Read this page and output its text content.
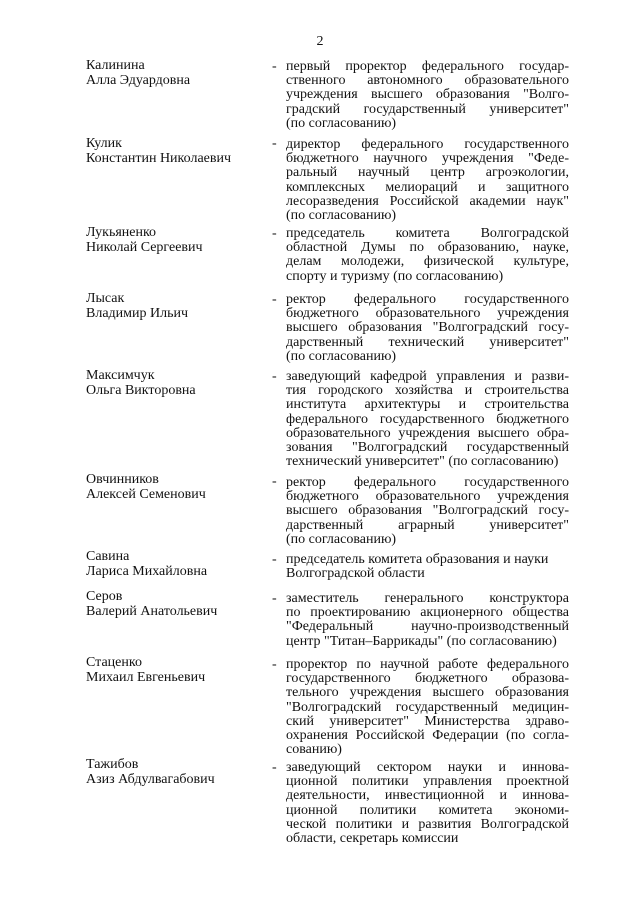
2
Калинина
Алла Эдуардовна
- первый проректор федерального государ-
ственного автономного образовательного
учреждения высшего образования "Волго-
градский государственный университет"
(по согласованию)
Кулик
Константин Николаевич
- директор федерального государственного
бюджетного научного учреждения "Феде-
ральный научный центр агроэкологии,
комплексных мелиораций и защитного
лесоразведения Российской академии наук"
(по согласованию)
Лукьяненко
Николай Сергеевич
- председатель комитета Волгоградской
областной Думы по образованию, науке,
делам молодежи, физической культуре,
спорту и туризму (по согласованию)
Лысак
Владимир Ильич
- ректор федерального государственного
бюджетного образовательного учреждения
высшего образования "Волгоградский госу-
дарственный технический университет"
(по согласованию)
Максимчук
Ольга Викторовна
- заведующий кафедрой управления и разви-
тия городского хозяйства и строительства
института архитектуры и строительства
федерального государственного бюджетного
образовательного учреждения высшего обра-
зования "Волгоградский государственный
технический университет" (по согласованию)
Овчинников
Алексей Семенович
- ректор федерального государственного
бюджетного образовательного учреждения
высшего образования "Волгоградский госу-
дарственный аграрный университет"
(по согласованию)
Савина
Лариса Михайловна
- председатель комитета образования и науки
Волгоградской области
Серов
Валерий Анатольевич
- заместитель генерального конструктора
по проектированию акционерного общества
"Федеральный научно-производственный
центр "Титан–Баррикады" (по согласованию)
Стаценко
Михаил Евгеньевич
- проректор по научной работе федерального
государственного бюджетного образова-
тельного учреждения высшего образования
"Волгоградский государственный медицин-
ский университет" Министерства здраво-
охранения Российской Федерации (по согла-
сованию)
Тажибов
Азиз Абдулвагабович
- заведующий сектором науки и иннова-
ционной политики управления проектной
деятельности, инвестиционной и иннова-
ционной политики комитета экономи-
ческой политики и развития Волгоградской
области, секретарь комиссии
